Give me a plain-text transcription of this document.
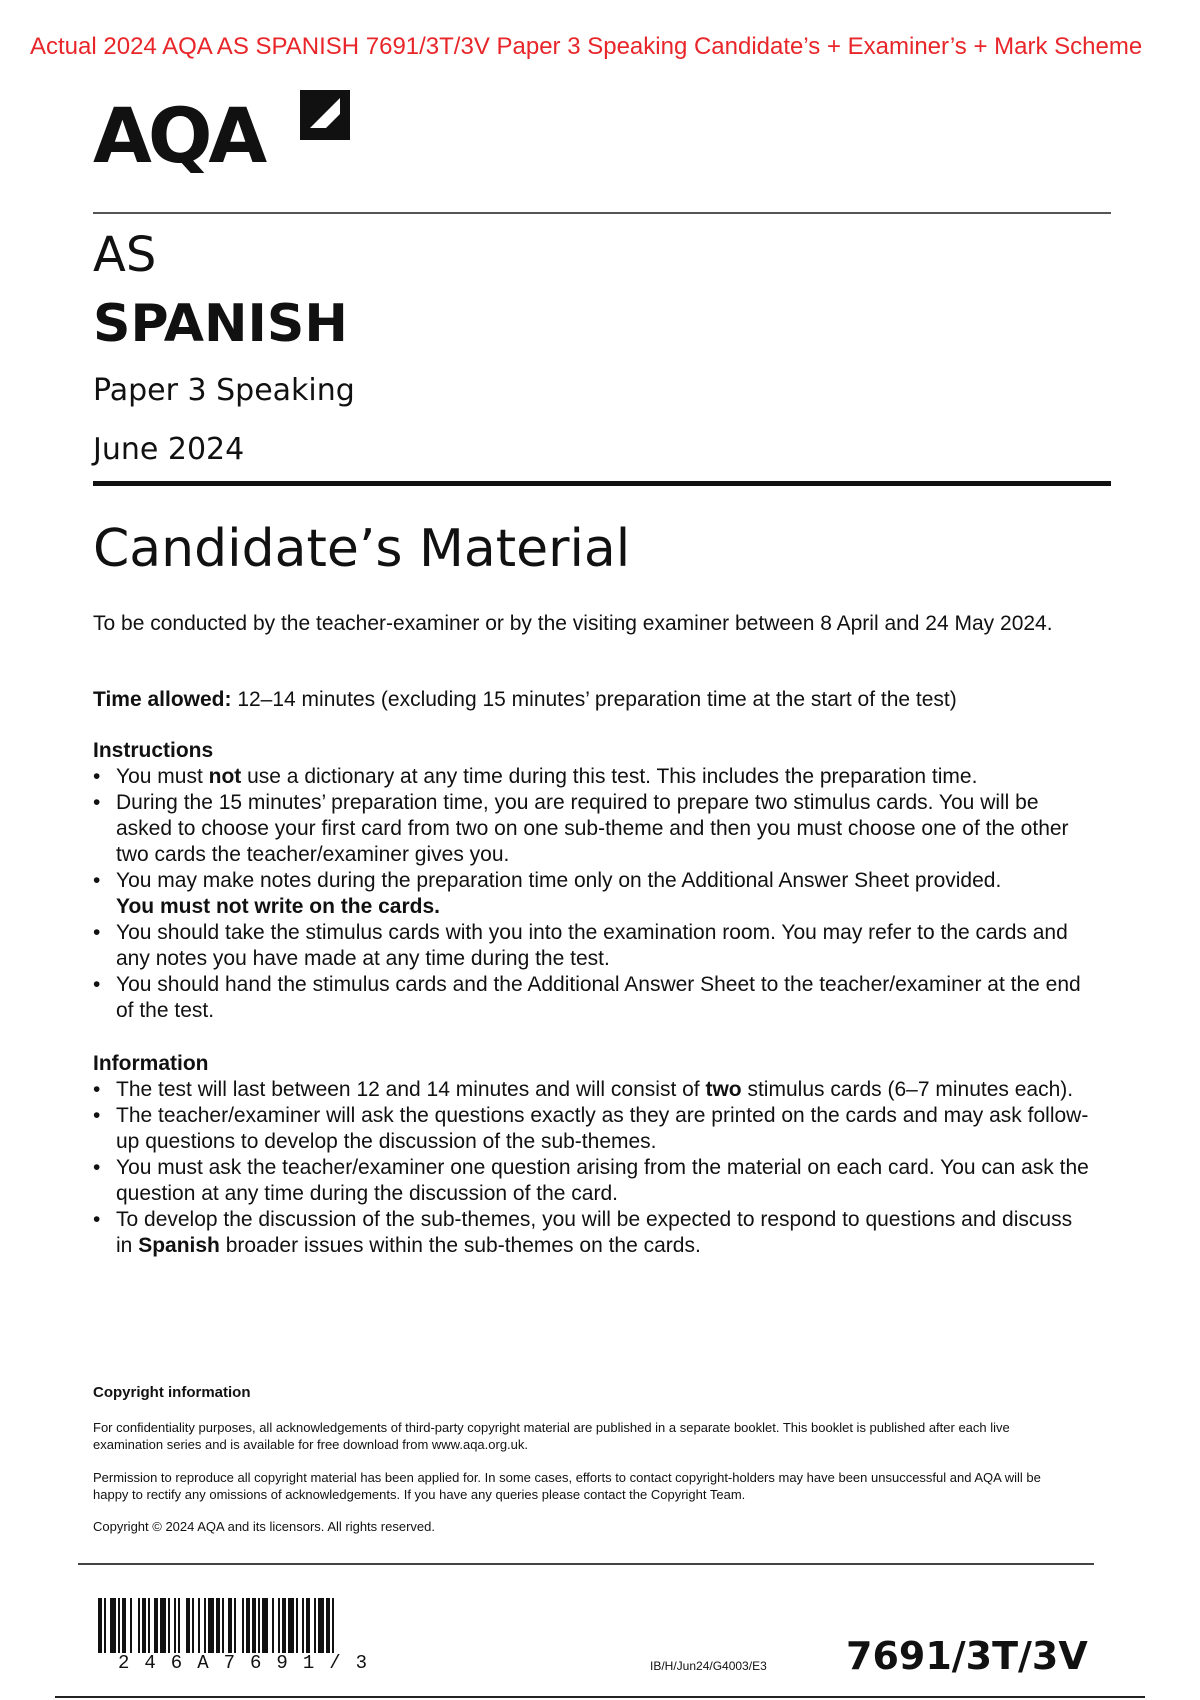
Actual 2024 AQA AS SPANISH 7691/3T/3V Paper 3 Speaking Candidate’s + Examiner’s + Mark Scheme
AQA
AS
SPANISH
Paper 3 Speaking
June 2024
Candidate’s Material
To be conducted by the teacher-examiner or by the visiting examiner between 8 April and 24 May 2024.
Time allowed: 12–14 minutes (excluding 15 minutes’ preparation time at the start of the test)
Instructions
• You must not use a dictionary at any time during this test. This includes the preparation time.
• During the 15 minutes’ preparation time, you are required to prepare two stimulus cards. You will be asked to choose your first card from two on one sub-theme and then you must choose one of the other two cards the teacher/examiner gives you.
• You may make notes during the preparation time only on the Additional Answer Sheet provided.
You must not write on the cards.
• You should take the stimulus cards with you into the examination room. You may refer to the cards and any notes you have made at any time during the test.
• You should hand the stimulus cards and the Additional Answer Sheet to the teacher/examiner at the end of the test.
Information
• The test will last between 12 and 14 minutes and will consist of two stimulus cards (6–7 minutes each).
• The teacher/examiner will ask the questions exactly as they are printed on the cards and may ask follow-up questions to develop the discussion of the sub-themes.
• You must ask the teacher/examiner one question arising from the material on each card. You can ask the question at any time during the discussion of the card.
• To develop the discussion of the sub-themes, you will be expected to respond to questions and discuss in Spanish broader issues within the sub-themes on the cards.
Copyright information
For confidentiality purposes, all acknowledgements of third-party copyright material are published in a separate booklet. This booklet is published after each live examination series and is available for free download from www.aqa.org.uk.
Permission to reproduce all copyright material has been applied for. In some cases, efforts to contact copyright-holders may have been unsuccessful and AQA will be happy to rectify any omissions of acknowledgements. If you have any queries please contact the Copyright Team.
Copyright © 2024 AQA and its licensors. All rights reserved.
246A7691/3	IB/H/Jun24/G4003/E3 7691/3T/3V
